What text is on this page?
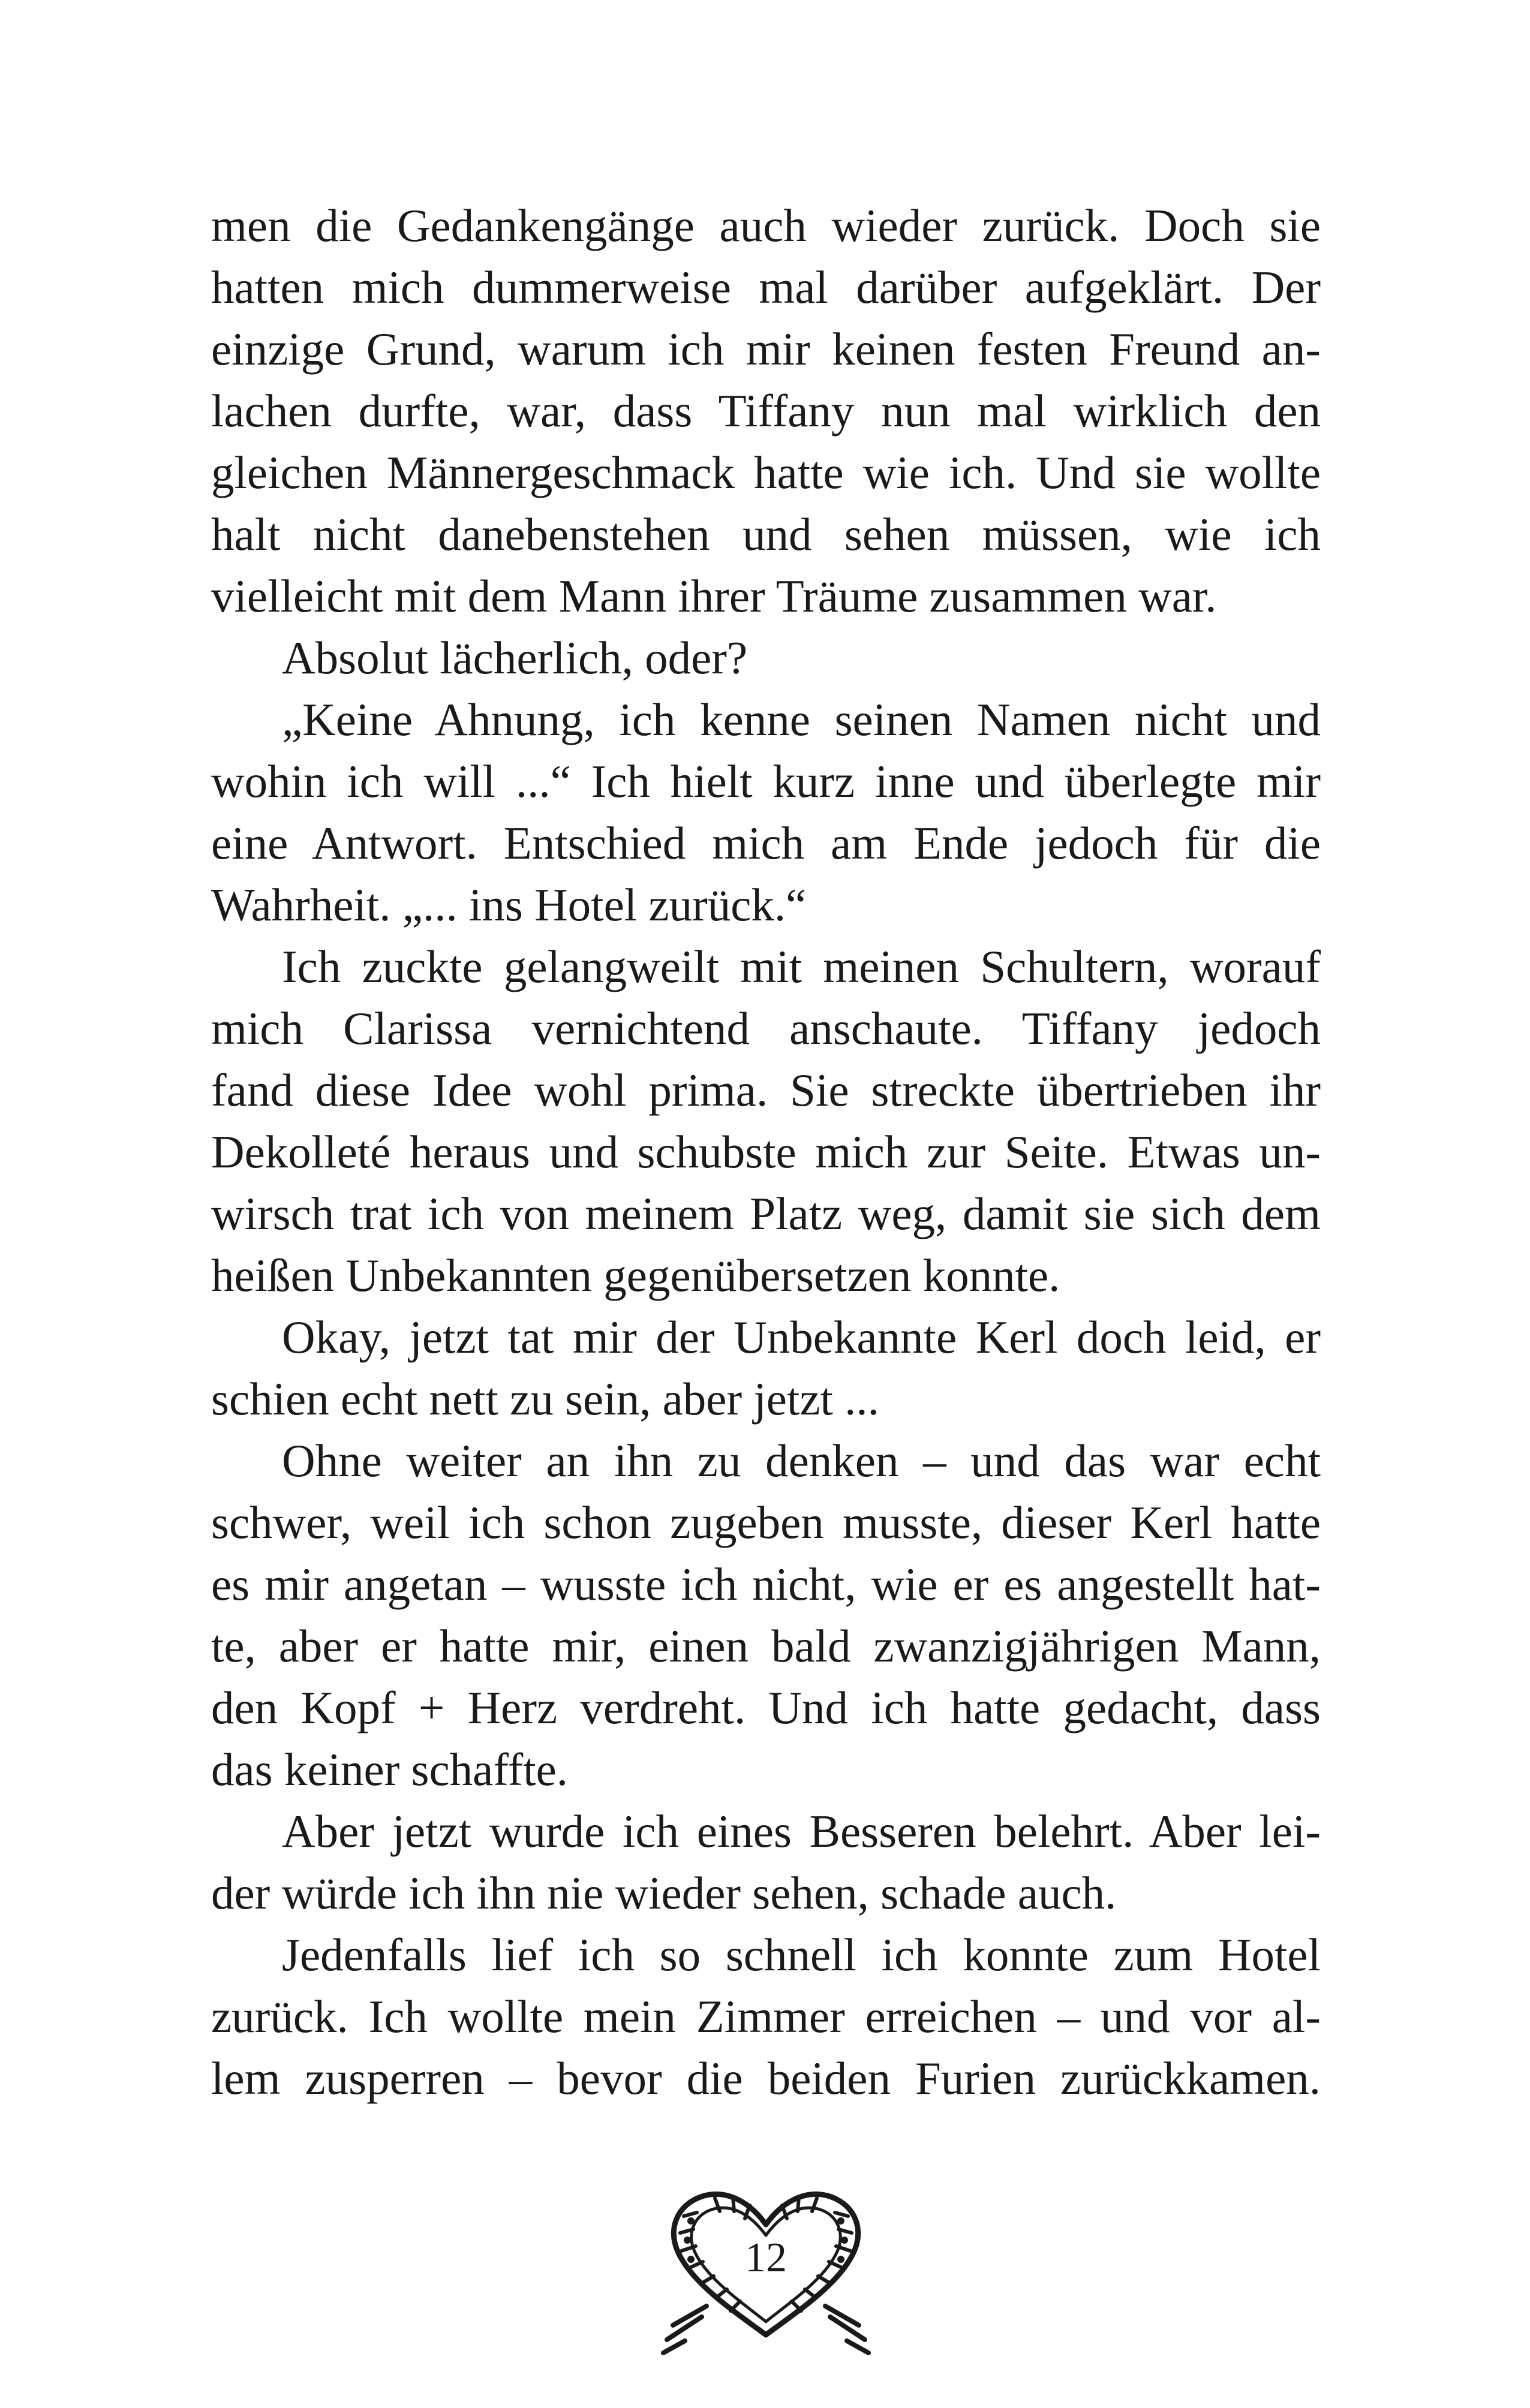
men die Gedankengänge auch wieder zurück. Doch sie
hatten mich dummerweise mal darüber aufgeklärt. Der
einzige Grund, warum ich mir keinen festen Freund an-
lachen durfte, war, dass Tiffany nun mal wirklich den
gleichen Männergeschmack hatte wie ich. Und sie wollte
halt nicht danebenstehen und sehen müssen, wie ich
vielleicht mit dem Mann ihrer Träume zusammen war.
Absolut lächerlich, oder?
„Keine Ahnung, ich kenne seinen Namen nicht und
wohin ich will ...“ Ich hielt kurz inne und überlegte mir
eine Antwort. Entschied mich am Ende jedoch für die
Wahrheit. „... ins Hotel zurück.“
Ich zuckte gelangweilt mit meinen Schultern, worauf
mich Clarissa vernichtend anschaute. Tiffany jedoch
fand diese Idee wohl prima. Sie streckte übertrieben ihr
Dekolleté heraus und schubste mich zur Seite. Etwas un-
wirsch trat ich von meinem Platz weg, damit sie sich dem
heißen Unbekannten gegenübersetzen konnte.
Okay, jetzt tat mir der Unbekannte Kerl doch leid, er
schien echt nett zu sein, aber jetzt ...
Ohne weiter an ihn zu denken – und das war echt
schwer, weil ich schon zugeben musste, dieser Kerl hatte
es mir angetan – wusste ich nicht, wie er es angestellt hat-
te, aber er hatte mir, einen bald zwanzigjährigen Mann,
den Kopf + Herz verdreht. Und ich hatte gedacht, dass
das keiner schaffte.
Aber jetzt wurde ich eines Besseren belehrt. Aber lei-
der würde ich ihn nie wieder sehen, schade auch.
Jedenfalls lief ich so schnell ich konnte zum Hotel
zurück. Ich wollte mein Zimmer erreichen – und vor al-
lem zusperren – bevor die beiden Furien zurückkamen.
12
